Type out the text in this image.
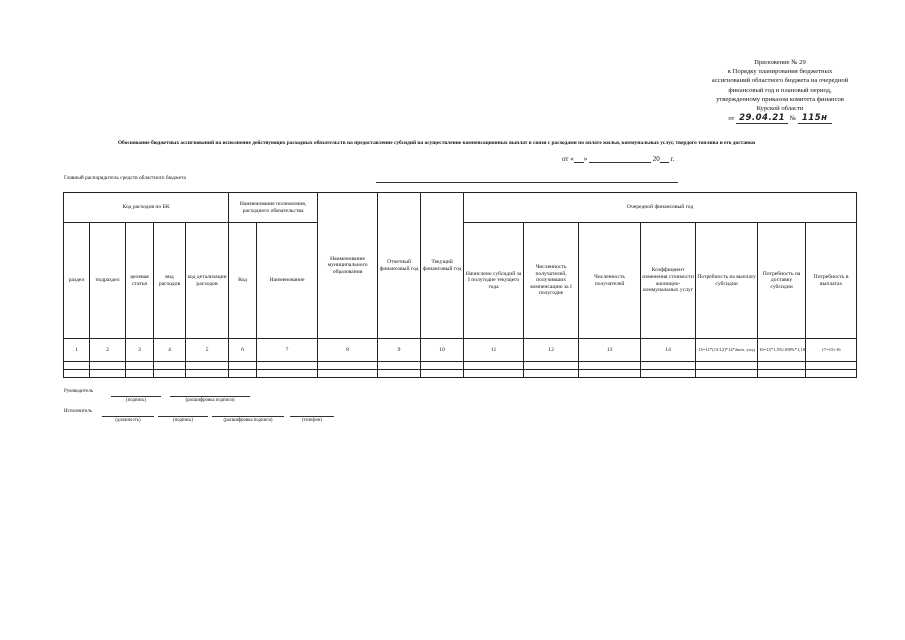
Приложение № 29
к Порядку планирования бюджетных
ассигнований областного бюджета на очередной
финансовый год и плановый период,
утвержденному приказом комитета финансов
Курской области
от 29.04.21 № 115н
Обоснование бюджетных ассигнований на исполнение действующих расходных обязательств на предоставление субсидий на осуществление компенсационных выплат в связи с расходами по оплате жилья, коммунальных услуг, твердого топлива и его доставки
от « »	20 г.
Главный распорядитель средств областного бюджета
Код расходов по БК					Наименование полномочия, расходного обязательства		Наименование муниципального образования	Отчетный финансовый год	Текущий финансовый год	Очередной финансовый год						
раздел	подраздел	целевая статья	вид расходов	код детализации расходов	Код	Наименование				Начислено субсидий за I полугодие текущего года	Численность получателей, получивших компенсацию за I полугодие	Численность получателей	Коэффициент изменения стоимости жилищно-коммунальных услуг	Потребность на выплату субсидии	Потребность на доставку субсидии	Потребность в выплатах
1	2	3	4	5	6	7	8	9	10	11	12	13	14	15=11*(13/12)*14*2коп. угод	16=15*1,5%/100%*1,18	17=15+16

Руководитель
(подпись)	(расшифровка подписи)
Исполнитель
(должность)	(подпись)	(расшифровка подписи)	(телефон)
